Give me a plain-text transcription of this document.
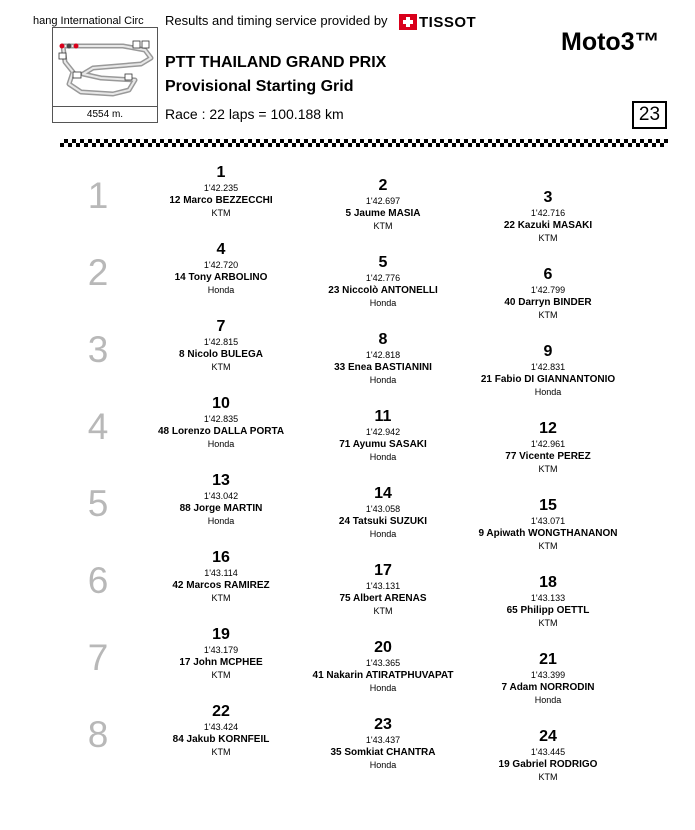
hang International Circ
4554 m.
Results and timing service provided by TISSOT
Moto3™
PTT THAILAND GRAND PRIX
Provisional Starting Grid
Race : 22 laps = 100.188 km	23
1
2
3
4
5
6
7
8
1
1'42.235
12 Marco BEZZECCHI
KTM
2
1'42.697
5 Jaume MASIA
KTM
3
1'42.716
22 Kazuki MASAKI
KTM
4
1'42.720
14 Tony ARBOLINO
Honda
5
1'42.776
23 Niccolò ANTONELLI
Honda
6
1'42.799
40 Darryn BINDER
KTM
7
1'42.815
8 Nicolo BULEGA
KTM
8
1'42.818
33 Enea BASTIANINI
Honda
9
1'42.831
21 Fabio DI GIANNANTONIO
Honda
10
1'42.835
48 Lorenzo DALLA PORTA
Honda
11
1'42.942
71 Ayumu SASAKI
Honda
12
1'42.961
77 Vicente PEREZ
KTM
13
1'43.042
88 Jorge MARTIN
Honda
14
1'43.058
24 Tatsuki SUZUKI
Honda
15
1'43.071
9 Apiwath WONGTHANANON
KTM
16
1'43.114
42 Marcos RAMIREZ
KTM
17
1'43.131
75 Albert ARENAS
KTM
18
1'43.133
65 Philipp OETTL
KTM
19
1'43.179
17 John MCPHEE
KTM
20
1'43.365
41 Nakarin ATIRATPHUVAPAT
Honda
21
1'43.399
7 Adam NORRODIN
Honda
22
1'43.424
84 Jakub KORNFEIL
KTM
23
1'43.437
35 Somkiat CHANTRA
Honda
24
1'43.445
19 Gabriel RODRIGO
KTM
